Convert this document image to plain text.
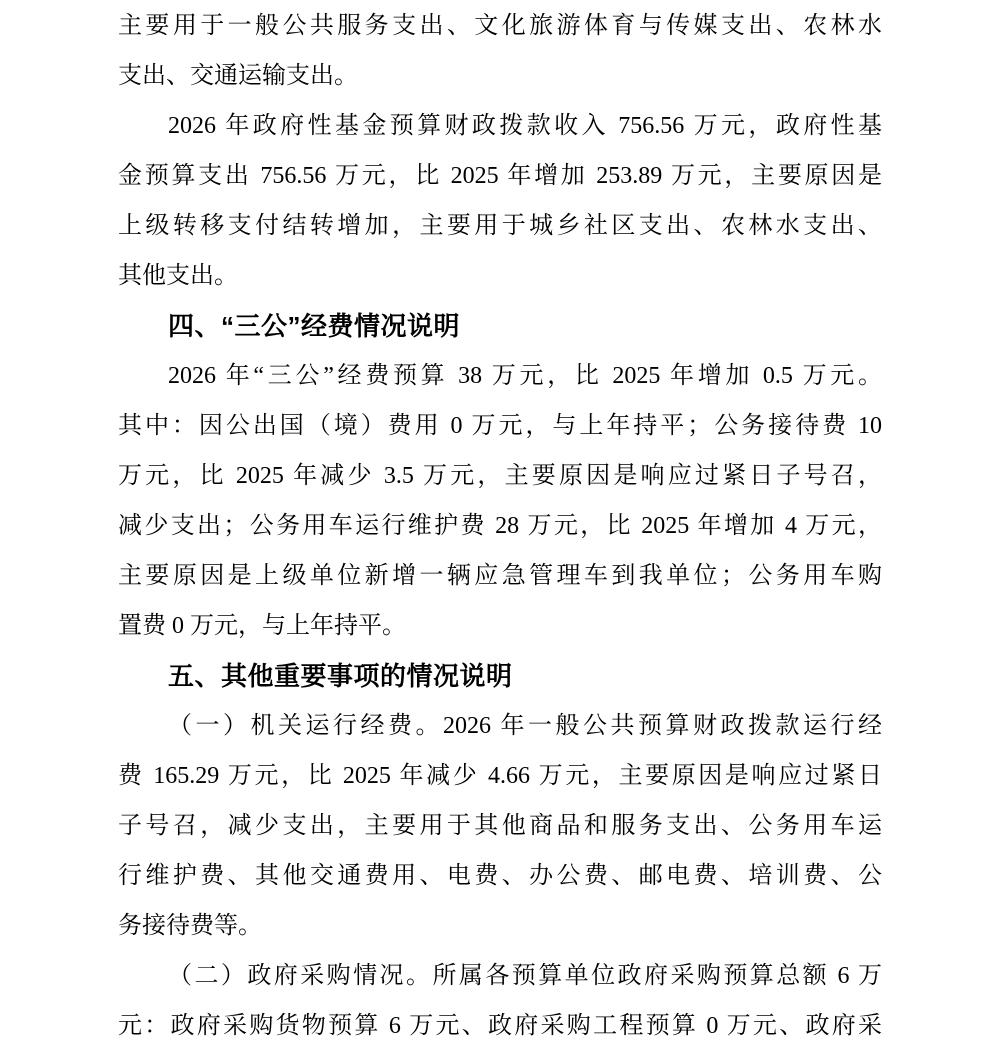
主要用于一般公共服务支出、文化旅游体育与传媒支出、农林水
支出、交通运输支出。
2026 年政府性基金预算财政拨款收入 756.56 万元，政府性基
金预算支出 756.56 万元，比 2025 年增加 253.89 万元，主要原因是
上级转移支付结转增加，主要用于城乡社区支出、农林水支出、
其他支出。
四、“三公”经费情况说明
2026 年“三公”经费预算 38 万元，比 2025 年增加 0.5 万元。
其中：因公出国（境）费用 0 万元，与上年持平；公务接待费 10
万元，比 2025 年减少 3.5 万元，主要原因是响应过紧日子号召，
减少支出；公务用车运行维护费 28 万元，比 2025 年增加 4 万元，
主要原因是上级单位新增一辆应急管理车到我单位；公务用车购
置费 0 万元，与上年持平。
五、其他重要事项的情况说明
（一）机关运行经费。2026 年一般公共预算财政拨款运行经
费 165.29 万元，比 2025 年减少 4.66 万元，主要原因是响应过紧日
子号召，减少支出，主要用于其他商品和服务支出、公务用车运
行维护费、其他交通费用、电费、办公费、邮电费、培训费、公
务接待费等。
（二）政府采购情况。所属各预算单位政府采购预算总额 6 万
元：政府采购货物预算 6 万元、政府采购工程预算 0 万元、政府采
